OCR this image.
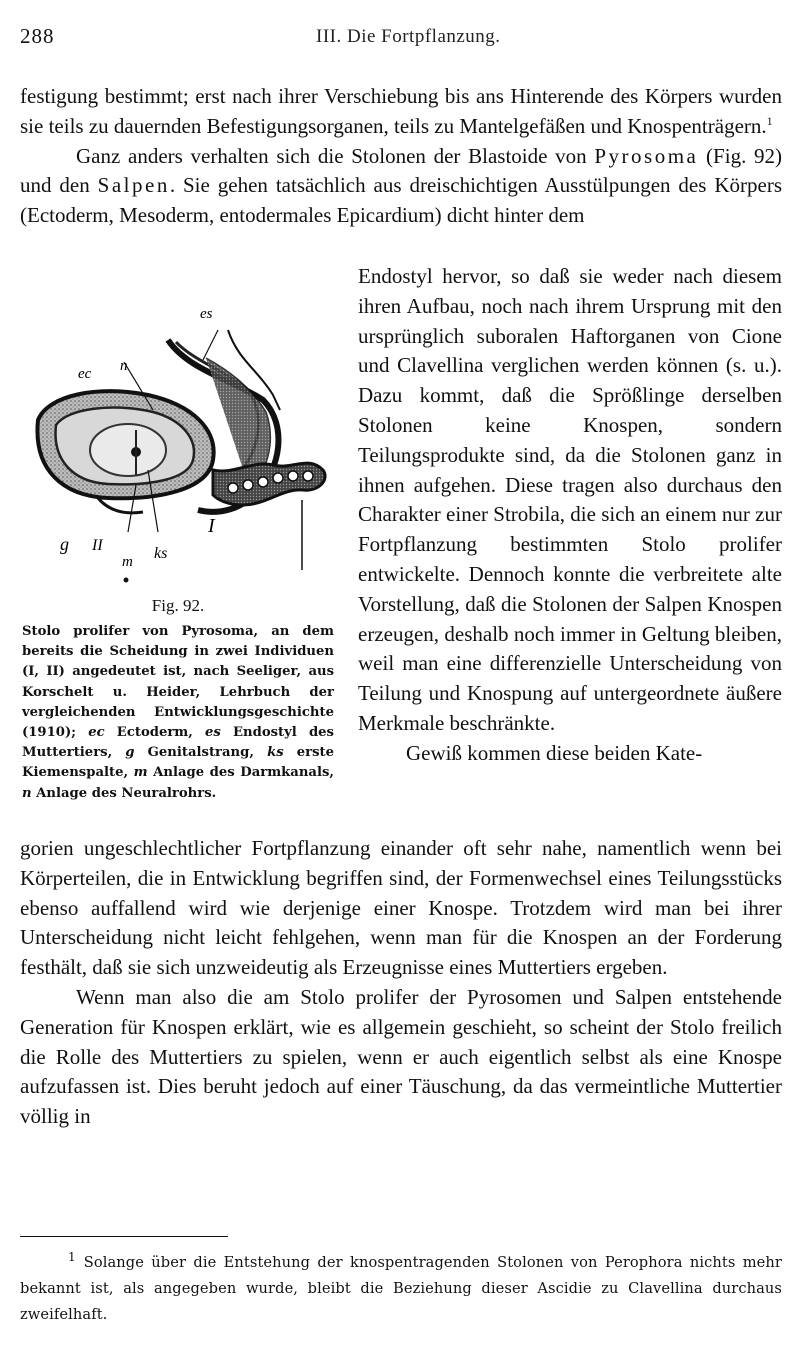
288	III. Die Fortpflanzung.

festigung bestimmt; erst nach ihrer Verschiebung bis ans Hinterende des Körpers wurden sie teils zu dauernden Befestigungsorganen, teils zu Mantelgefäßen und Knospenträgern.$^1$

Ganz anders verhalten sich die Stolonen der Blastoide von Pyrosoma (Fig. 92) und den Salpen. Sie gehen tatsächlich aus dreischichtigen Ausstülpungen des Körpers (Ectoderm, Mesoderm, entodermales Epicardium) dicht hinter dem

es
ec n
g II
m ks
I
Fig. 92.
Stolo prolifer von Pyrosoma, an dem bereits die Scheidung in zwei Individuen (I, II) angedeutet ist, nach Seeliger, aus Korschelt u. Heider, Lehrbuch der vergleichenden Entwicklungsgeschichte (1910); ec Ectoderm, es Endostyl des Muttertiers, g Genitalstrang, ks erste Kiemenspalte, m Anlage des Darmkanals, n Anlage des Neuralrohrs.

Endostyl hervor, so daß sie weder nach diesem ihren Aufbau, noch nach ihrem Ursprung mit den ursprünglich suboralen Haftorganen von Cione und Clavellina verglichen werden können (s. u.). Dazu kommt, daß die Sprößlinge derselben Stolonen keine Knospen, sondern Teilungsprodukte sind, da die Stolonen ganz in ihnen aufgehen. Diese tragen also durchaus den Charakter einer Strobila, die sich an einem nur zur Fortpflanzung bestimmten Stolo prolifer entwickelte. Dennoch konnte die verbreitete alte Vorstellung, daß die Stolonen der Salpen Knospen erzeugen, deshalb noch immer in Geltung bleiben, weil man eine differenzielle Unterscheidung von Teilung und Knospung auf untergeordnete äußere Merkmale beschränkte.

Gewiß kommen diese beiden Kate-

gorien ungeschlechtlicher Fortpflanzung einander oft sehr nahe, namentlich wenn bei Körperteilen, die in Entwicklung begriffen sind, der Formenwechsel eines Teilungsstücks ebenso auffallend wird wie derjenige einer Knospe. Trotzdem wird man bei ihrer Unterscheidung nicht leicht fehlgehen, wenn man für die Knospen an der Forderung festhält, daß sie sich unzweideutig als Erzeugnisse eines Muttertiers ergeben.

Wenn man also die am Stolo prolifer der Pyrosomen und Salpen entstehende Generation für Knospen erklärt, wie es allgemein geschieht, so scheint der Stolo freilich die Rolle des Muttertiers zu spielen, wenn er auch eigentlich selbst als eine Knospe aufzufassen ist. Dies beruht jedoch auf einer Täuschung, da das vermeintliche Muttertier völlig in

$^1$ Solange über die Entstehung der knospentragenden Stolonen von Perophora nichts mehr bekannt ist, als angegeben wurde, bleibt die Beziehung dieser Ascidie zu Clavellina durchaus zweifelhaft.
